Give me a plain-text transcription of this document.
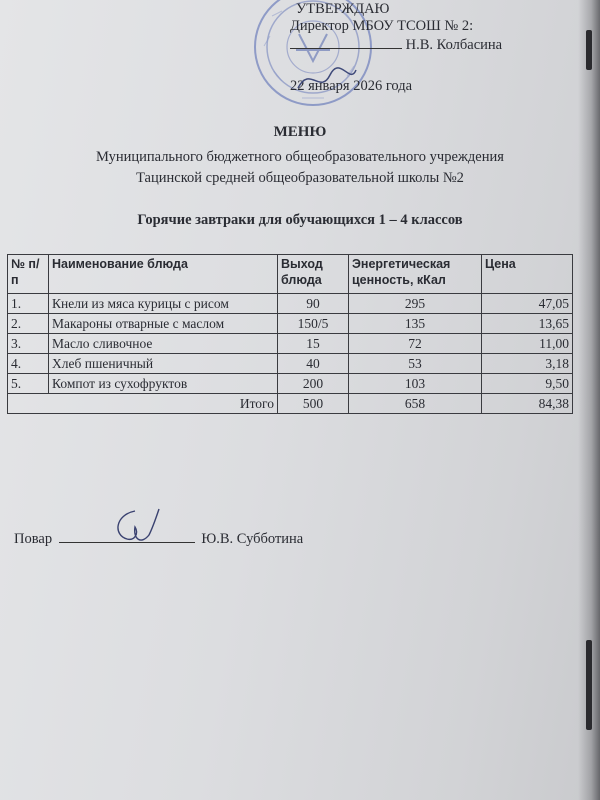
УТВЕРЖДАЮ
Директор МБОУ ТСОШ № 2:
Н.В. Колбасина
22 января 2026 года
МЕНЮ
Муниципального бюджетного общеобразовательного учреждения
Тацинской средней общеобразовательной школы №2
Горячие завтраки для обучающихся 1 – 4 классов
№ п/п	Наименование блюда	Выход блюда	Энергетическая ценность, кКал	Цена
1.	Кнели из мяса курицы с рисом	90	295	47,05
2.	Макароны отварные с маслом	150/5	135	13,65
3.	Масло сливочное	15	72	11,00
4.	Хлеб пшеничный	40	53	3,18
5.	Компот из сухофруктов	200	103	9,50
Итого		500	658	84,38
Повар	Ю.В. Субботина
